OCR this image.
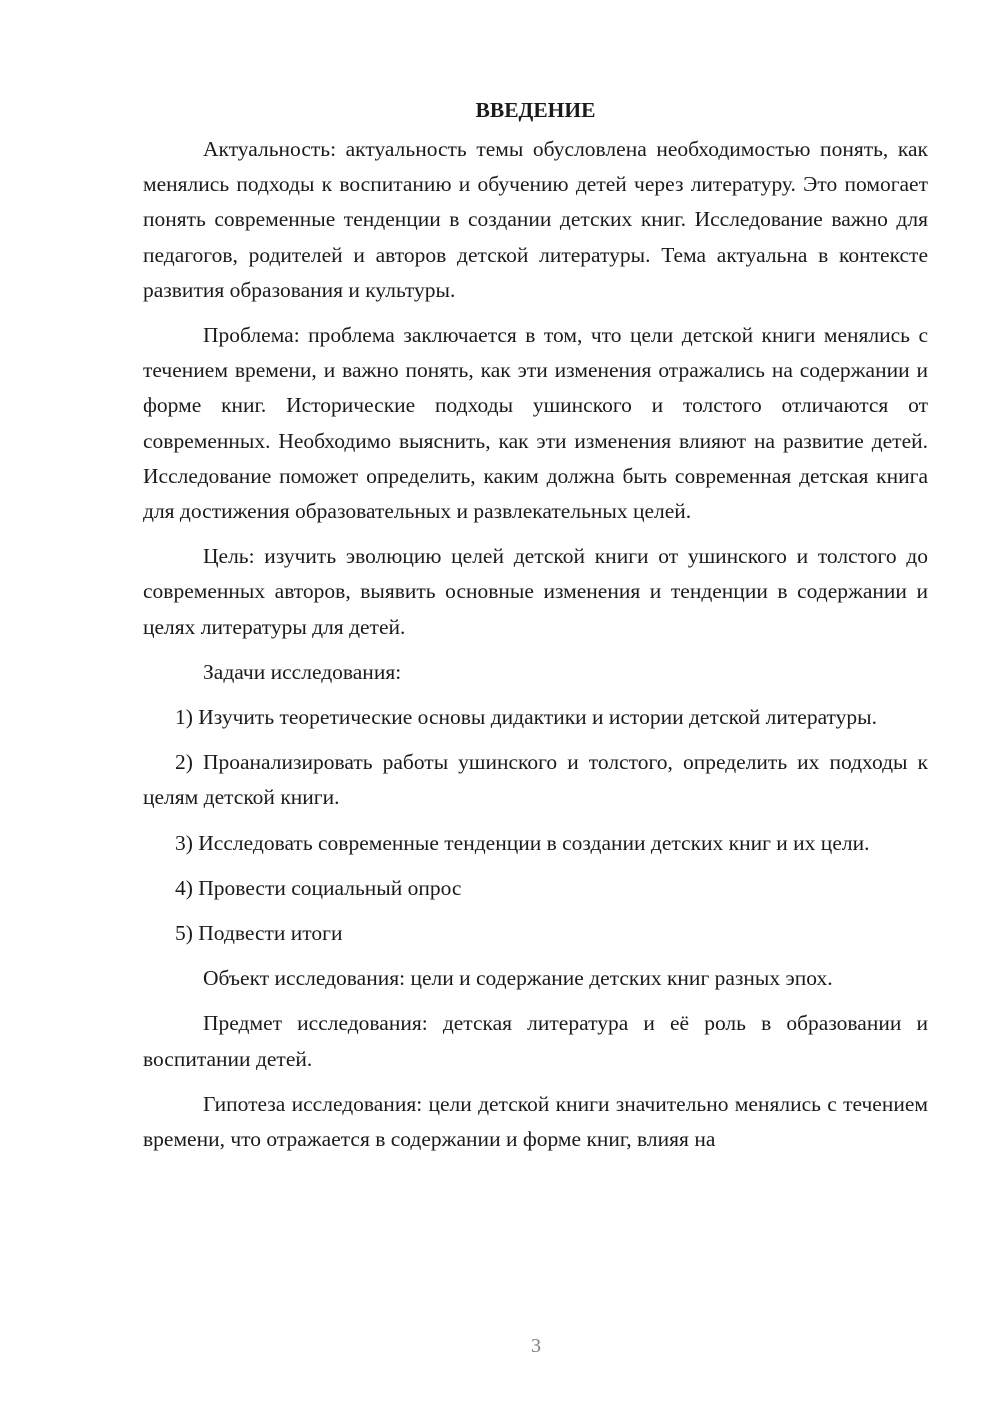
ВВЕДЕНИЕ

Актуальность: актуальность темы обусловлена необходимостью понять, как менялись подходы к воспитанию и обучению детей через литературу. Это помогает понять современные тенденции в создании детских книг. Исследование важно для педагогов, родителей и авторов детской литературы. Тема актуальна в контексте развития образования и культуры.

Проблема: проблема заключается в том, что цели детской книги менялись с течением времени, и важно понять, как эти изменения отражались на содержании и форме книг. Исторические подходы ушинского и толстого отличаются от современных. Необходимо выяснить, как эти изменения влияют на развитие детей. Исследование поможет определить, каким должна быть современная детская книга для достижения образовательных и развлекательных целей.

Цель: изучить эволюцию целей детской книги от ушинского и толстого до современных авторов, выявить основные изменения и тенденции в содержании и целях литературы для детей.

Задачи исследования:

1) Изучить теоретические основы дидактики и истории детской литературы.

2) Проанализировать работы ушинского и толстого, определить их подходы к целям детской книги.

3) Исследовать современные тенденции в создании детских книг и их цели.

4) Провести социальный опрос

5) Подвести итоги

Объект исследования: цели и содержание детских книг разных эпох.

Предмет исследования: детская литература и её роль в образовании и воспитании детей.

Гипотеза исследования: цели детской книги значительно менялись с течением времени, что отражается в содержании и форме книг, влияя на

3
